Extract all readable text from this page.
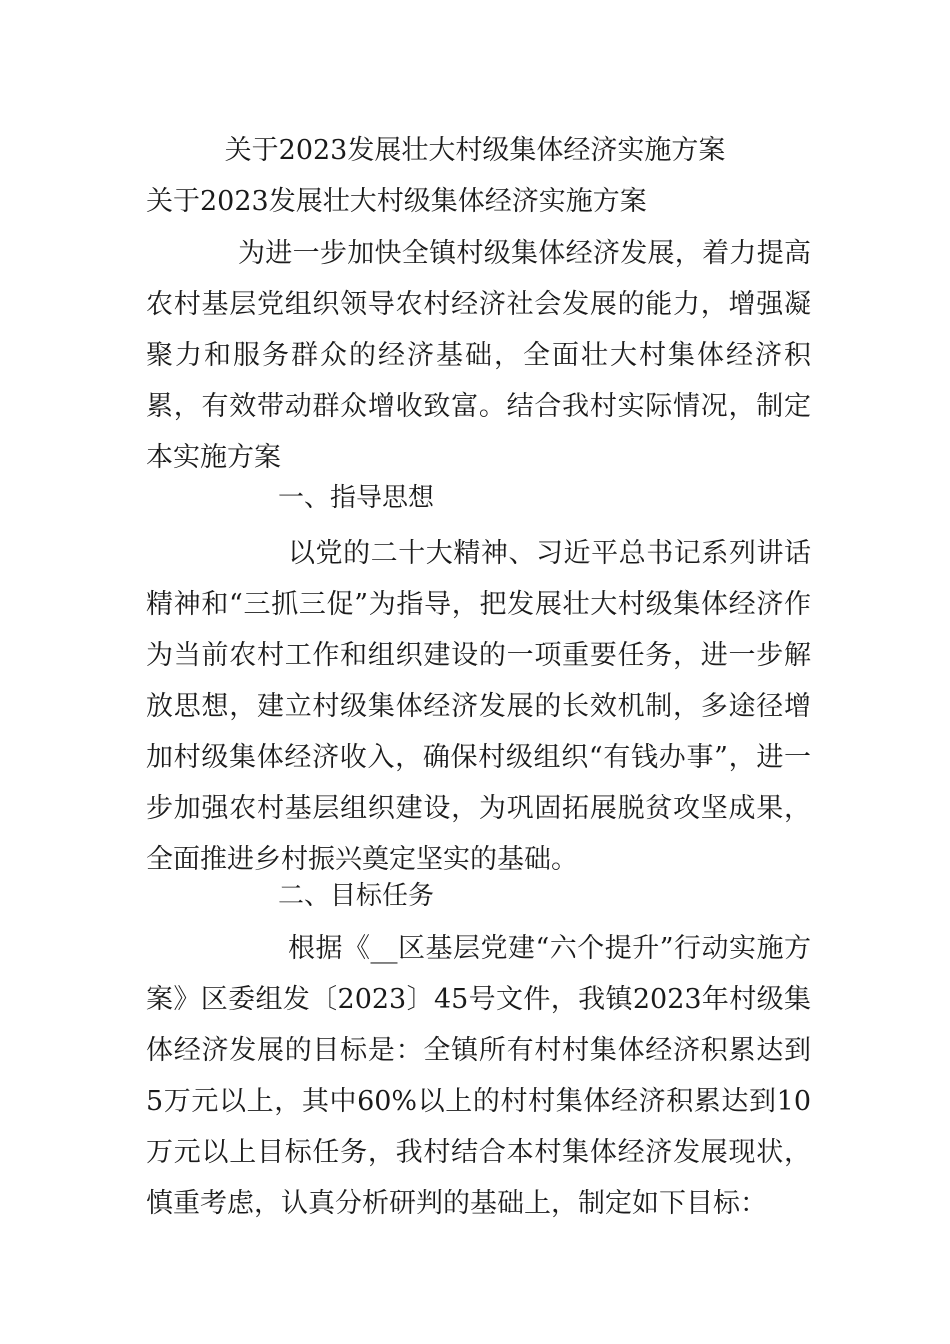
关于2023发展壮大村级集体经济实施方案
关于2023发展壮大村级集体经济实施方案
为进一步加快全镇村级集体经济发展，着力提高农村基层党组织领导农村经济社会发展的能力，增强凝聚力和服务群众的经济基础，全面壮大村集体经济积累，有效带动群众增收致富。结合我村实际情况，制定本实施方案
一、指导思想
以党的二十大精神、习近平总书记系列讲话精神和“三抓三促”为指导，把发展壮大村级集体经济作为当前农村工作和组织建设的一项重要任务，进一步解放思想，建立村级集体经济发展的长效机制，多途径增加村级集体经济收入，确保村级组织“有钱办事”，进一步加强农村基层组织建设，为巩固拓展脱贫攻坚成果，全面推进乡村振兴奠定坚实的基础。
二、目标任务
根据《__区基层党建“六个提升”行动实施方案》区委组发〔2023〕45号文件，我镇2023年村级集体经济发展的目标是：全镇所有村村集体经济积累达到5万元以上，其中60%以上的村村集体经济积累达到10万元以上目标任务，我村结合本村集体经济发展现状，慎重考虑，认真分析研判的基础上，制定如下目标：
